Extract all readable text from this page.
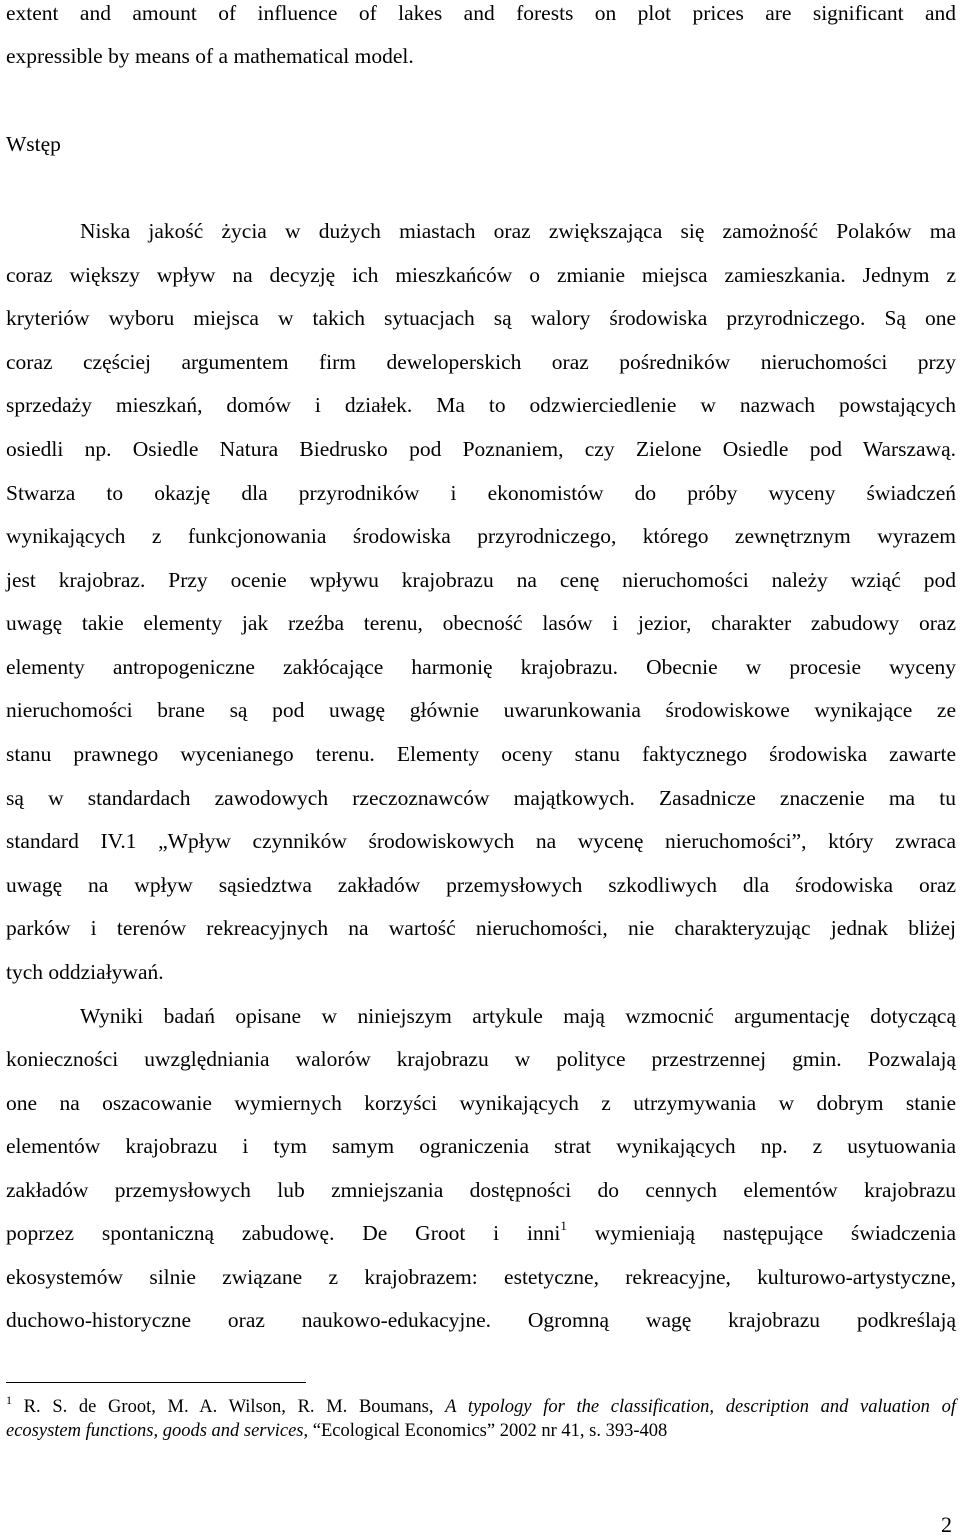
extent and amount of influence of lakes and forests on plot prices are significant and
expressible by means of a mathematical model.
Wstęp
Niska jakość życia w dużych miastach oraz zwiększająca się zamożność Polaków ma
coraz większy wpływ na decyzję ich mieszkańców o zmianie miejsca zamieszkania. Jednym z
kryteriów wyboru miejsca w takich sytuacjach są walory środowiska przyrodniczego. Są one
coraz częściej argumentem firm deweloperskich oraz pośredników nieruchomości przy
sprzedaży mieszkań, domów i działek. Ma to odzwierciedlenie w nazwach powstających
osiedli np. Osiedle Natura Biedrusko pod Poznaniem, czy Zielone Osiedle pod Warszawą.
Stwarza to okazję dla przyrodników i ekonomistów do próby wyceny świadczeń
wynikających z funkcjonowania środowiska przyrodniczego, którego zewnętrznym wyrazem
jest krajobraz. Przy ocenie wpływu krajobrazu na cenę nieruchomości należy wziąć pod
uwagę takie elementy jak rzeźba terenu, obecność lasów i jezior, charakter zabudowy oraz
elementy antropogeniczne zakłócające harmonię krajobrazu. Obecnie w procesie wyceny
nieruchomości brane są pod uwagę głównie uwarunkowania środowiskowe wynikające ze
stanu prawnego wycenianego terenu. Elementy oceny stanu faktycznego środowiska zawarte
są w standardach zawodowych rzeczoznawców majątkowych. Zasadnicze znaczenie ma tu
standard IV.1 „Wpływ czynników środowiskowych na wycenę nieruchomości”, który zwraca
uwagę na wpływ sąsiedztwa zakładów przemysłowych szkodliwych dla środowiska oraz
parków i terenów rekreacyjnych na wartość nieruchomości, nie charakteryzując jednak bliżej
tych oddziaływań.
Wyniki badań opisane w niniejszym artykule mają wzmocnić argumentację dotyczącą
konieczności uwzględniania walorów krajobrazu w polityce przestrzennej gmin. Pozwalają
one na oszacowanie wymiernych korzyści wynikających z utrzymywania w dobrym stanie
elementów krajobrazu i tym samym ograniczenia strat wynikających np. z usytuowania
zakładów przemysłowych lub zmniejszania dostępności do cennych elementów krajobrazu
poprzez spontaniczną zabudowę. De Groot i inni$^1$ wymieniają następujące świadczenia
ekosystemów silnie związane z krajobrazem: estetyczne, rekreacyjne, kulturowo-artystyczne,
duchowo-historyczne oraz naukowo-edukacyjne. Ogromną wagę krajobrazu podkreślają
$^1$ R. S. de Groot, M. A. Wilson, R. M. Boumans, A typology for the classification, description and valuation of
ecosystem functions, goods and services, “Ecological Economics” 2002 nr 41, s. 393-408
2
